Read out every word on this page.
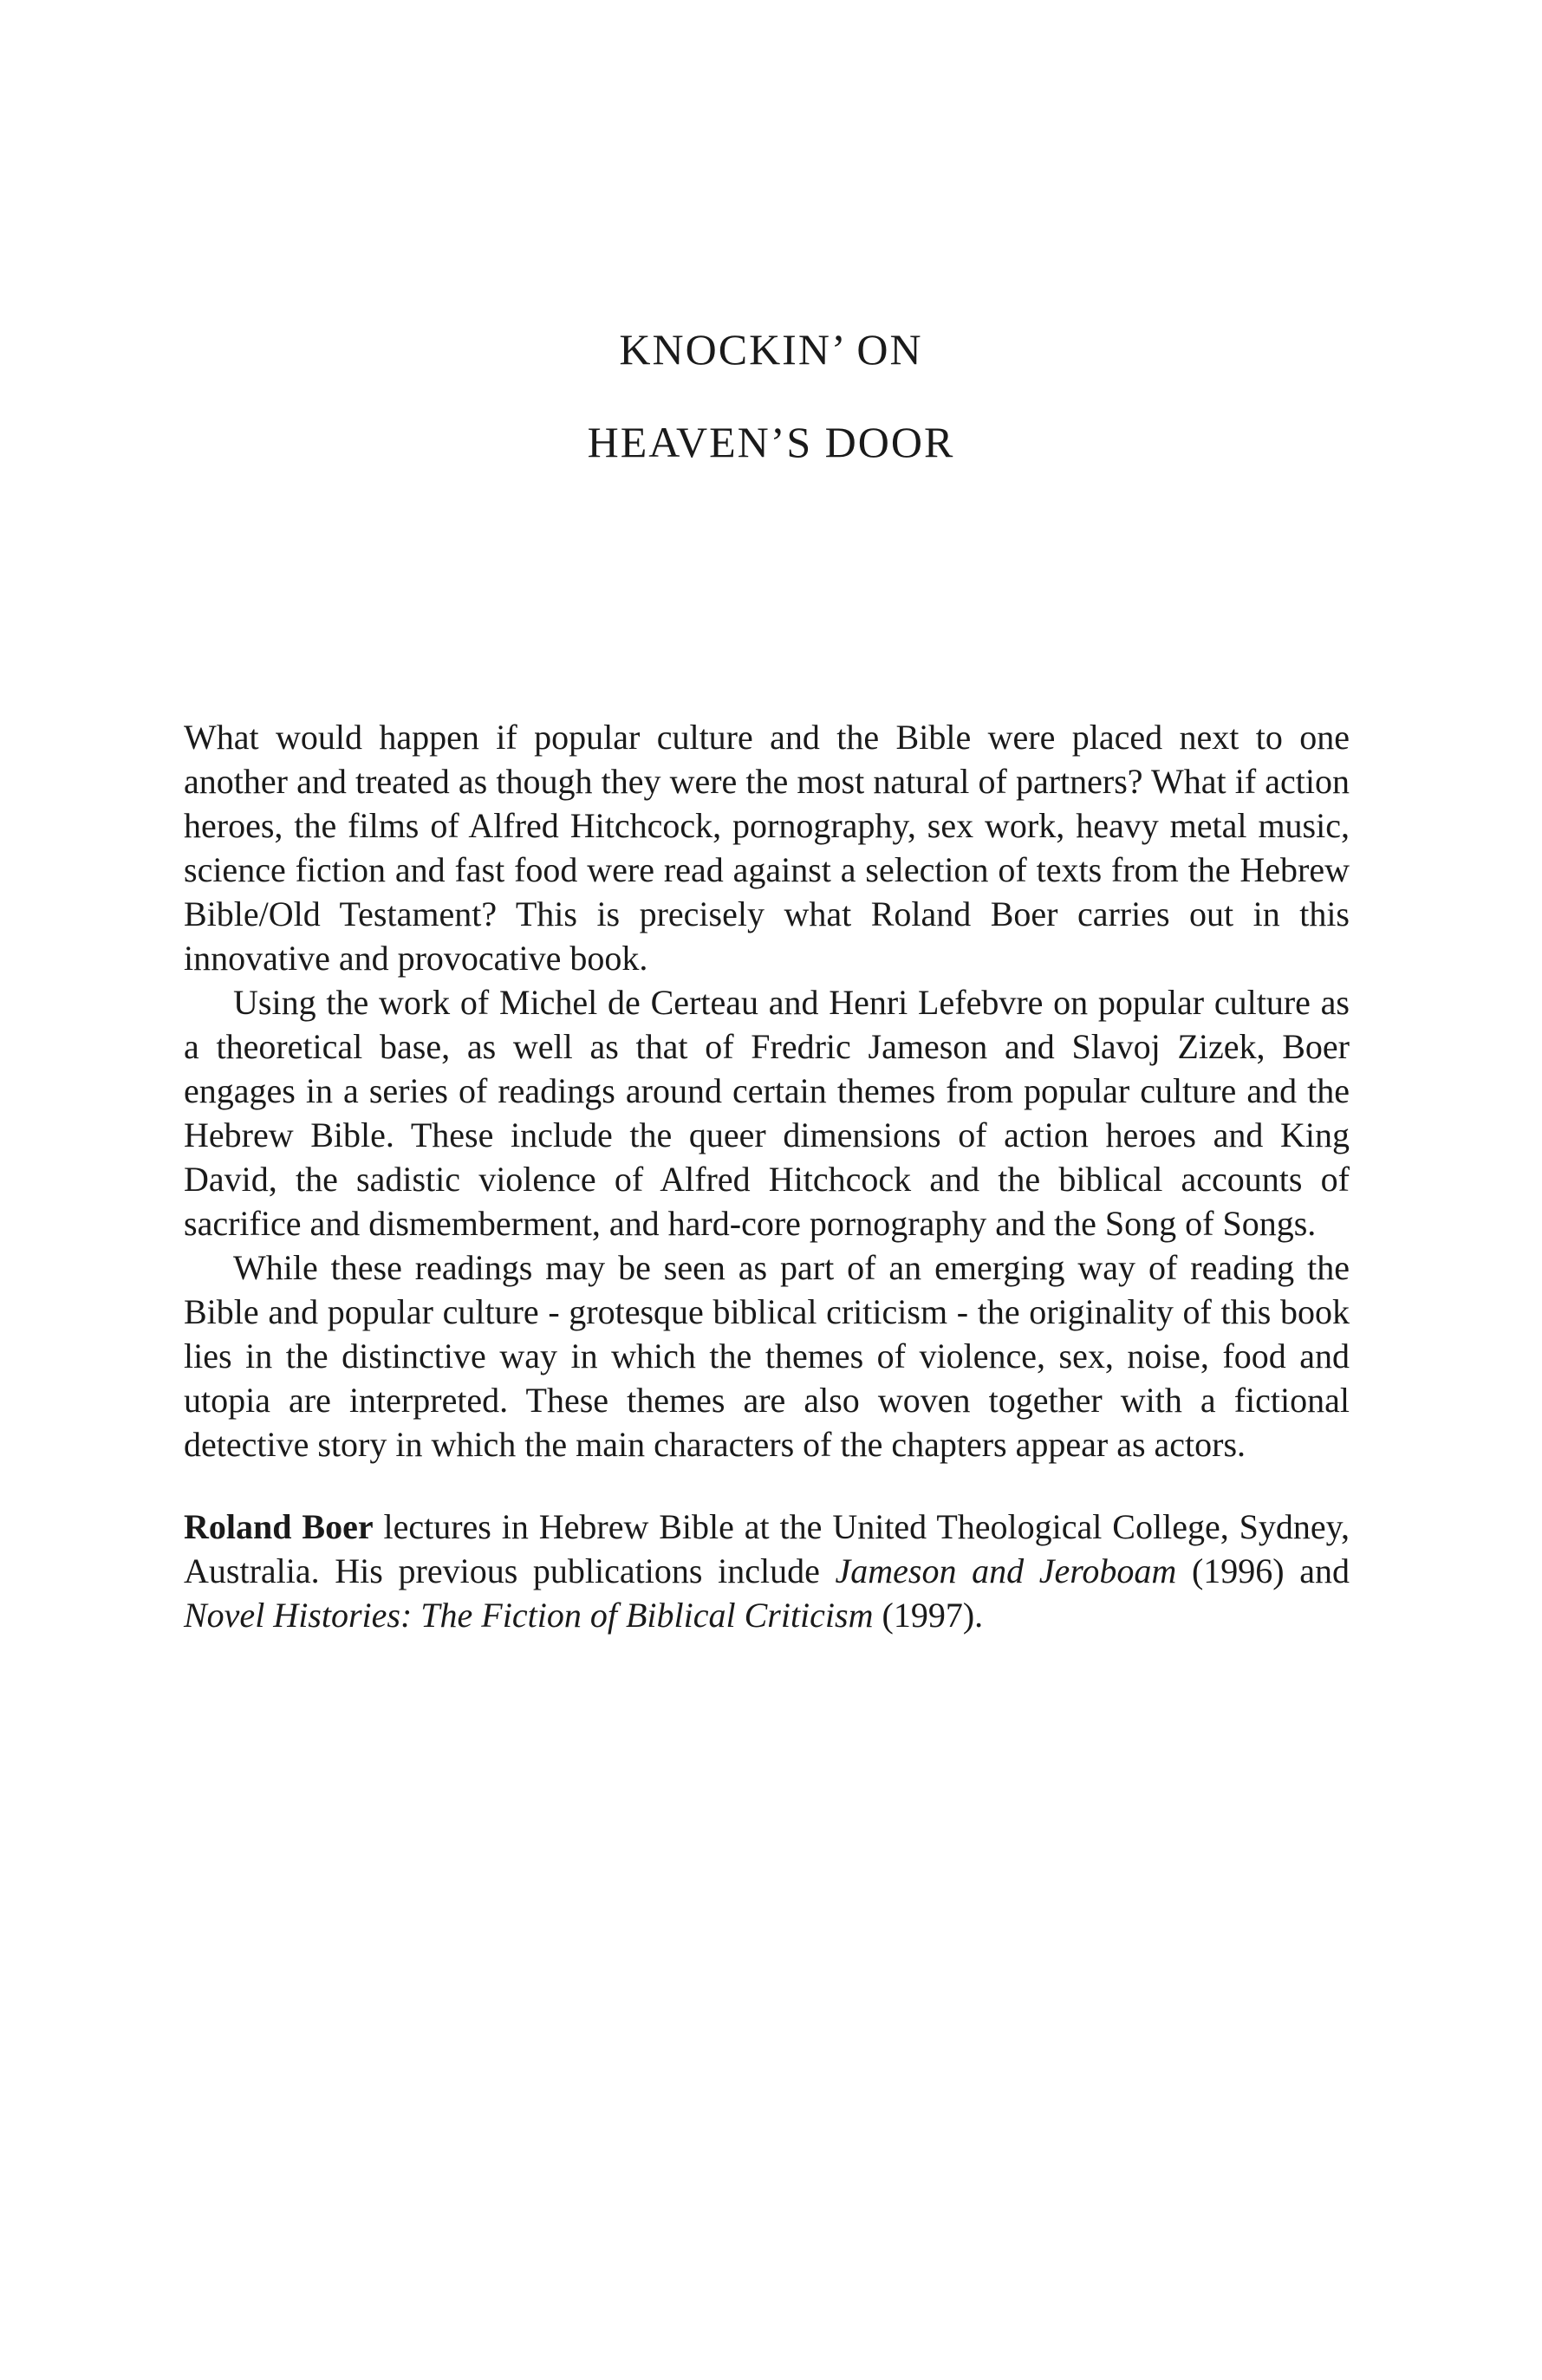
KNOCKIN’ ON
HEAVEN’S DOOR

What would happen if popular culture and the Bible were placed next to one another and treated as though they were the most natural of partners? What if action heroes, the films of Alfred Hitchcock, pornography, sex work, heavy metal music, science fiction and fast food were read against a selection of texts from the Hebrew Bible/Old Testament? This is precisely what Roland Boer carries out in this innovative and provocative book.

Using the work of Michel de Certeau and Henri Lefebvre on popular culture as a theoretical base, as well as that of Fredric Jameson and Slavoj Zizek, Boer engages in a series of readings around certain themes from popular culture and the Hebrew Bible. These include the queer dimensions of action heroes and King David, the sadistic violence of Alfred Hitchcock and the biblical accounts of sacrifice and dismemberment, and hard-core pornography and the Song of Songs.

While these readings may be seen as part of an emerging way of reading the Bible and popular culture - grotesque biblical criticism - the originality of this book lies in the distinctive way in which the themes of violence, sex, noise, food and utopia are interpreted. These themes are also woven together with a fictional detective story in which the main characters of the chapters appear as actors.

Roland Boer lectures in Hebrew Bible at the United Theological College, Sydney, Australia. His previous publications include Jameson and Jeroboam (1996) and Novel Histories: The Fiction of Biblical Criticism (1997).
